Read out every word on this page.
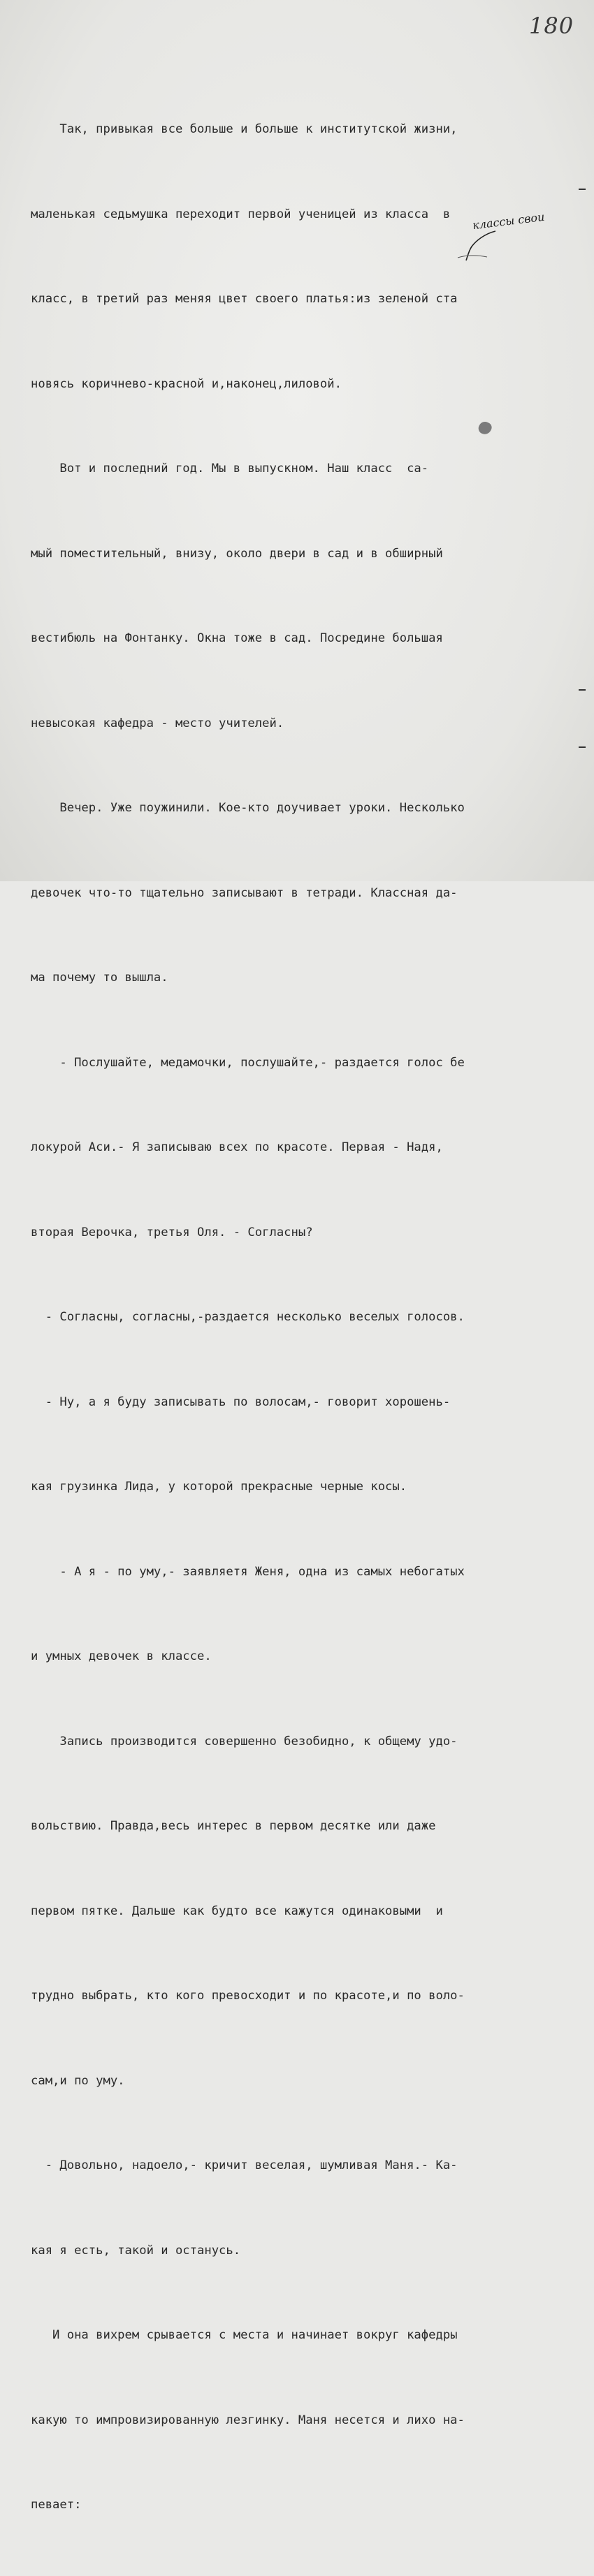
180

Так, привыкая все больше и больше к институтской жизни,

маленькая седьмушка переходит первой ученицей из класса  в

класс, в третий раз меняя цвет своего платья:из зеленой ста

новясь коричнево-красной и,наконец,лиловой.

Вот и последний год. Мы в выпускном. Наш класс  са-

мый поместительный, внизу, около двери в сад и в обширный

вестибюль на Фонтанку. Окна тоже в сад. Посредине большая

невысокая кафедра - место учителей.

Вечер. Уже поужинили. Кое-кто доучивает уроки. Несколько

девочек что-то тщательно записывают в тетради. Классная да-

ма почему то вышла.

- Послушайте, медамочки, послушайте,- раздается голос бе

локурой Аси.- Я записываю всех по красоте. Первая - Надя,

вторая Верочка, третья Оля. - Согласны?

- Согласны, согласны,-раздается несколько веселых голосов.

- Ну, а я буду записывать по волосам,- говорит хорошень-

кая грузинка Лида, у которой прекрасные черные косы.

- А я - по уму,- заявляетя Женя, одна из самых небогатых

и умных девочек в классе.

Запись производится совершенно безобидно, к общему удо-

вольствию. Правда,весь интерес в первом десятке или даже

первом пятке. Дальше как будто все кажутся одинаковыми  и

трудно выбрать, кто кого превосходит и по красоте,и по воло-

сам,и по уму.

- Довольно, надоело,- кричит веселая, шумливая Маня.- Ка-

кая я есть, такой и останусь.

И она вихрем срывается с места и начинает вокруг кафедры

какую то импровизированную лезгинку. Маня несется и лихо на-

певает:

классы свои
